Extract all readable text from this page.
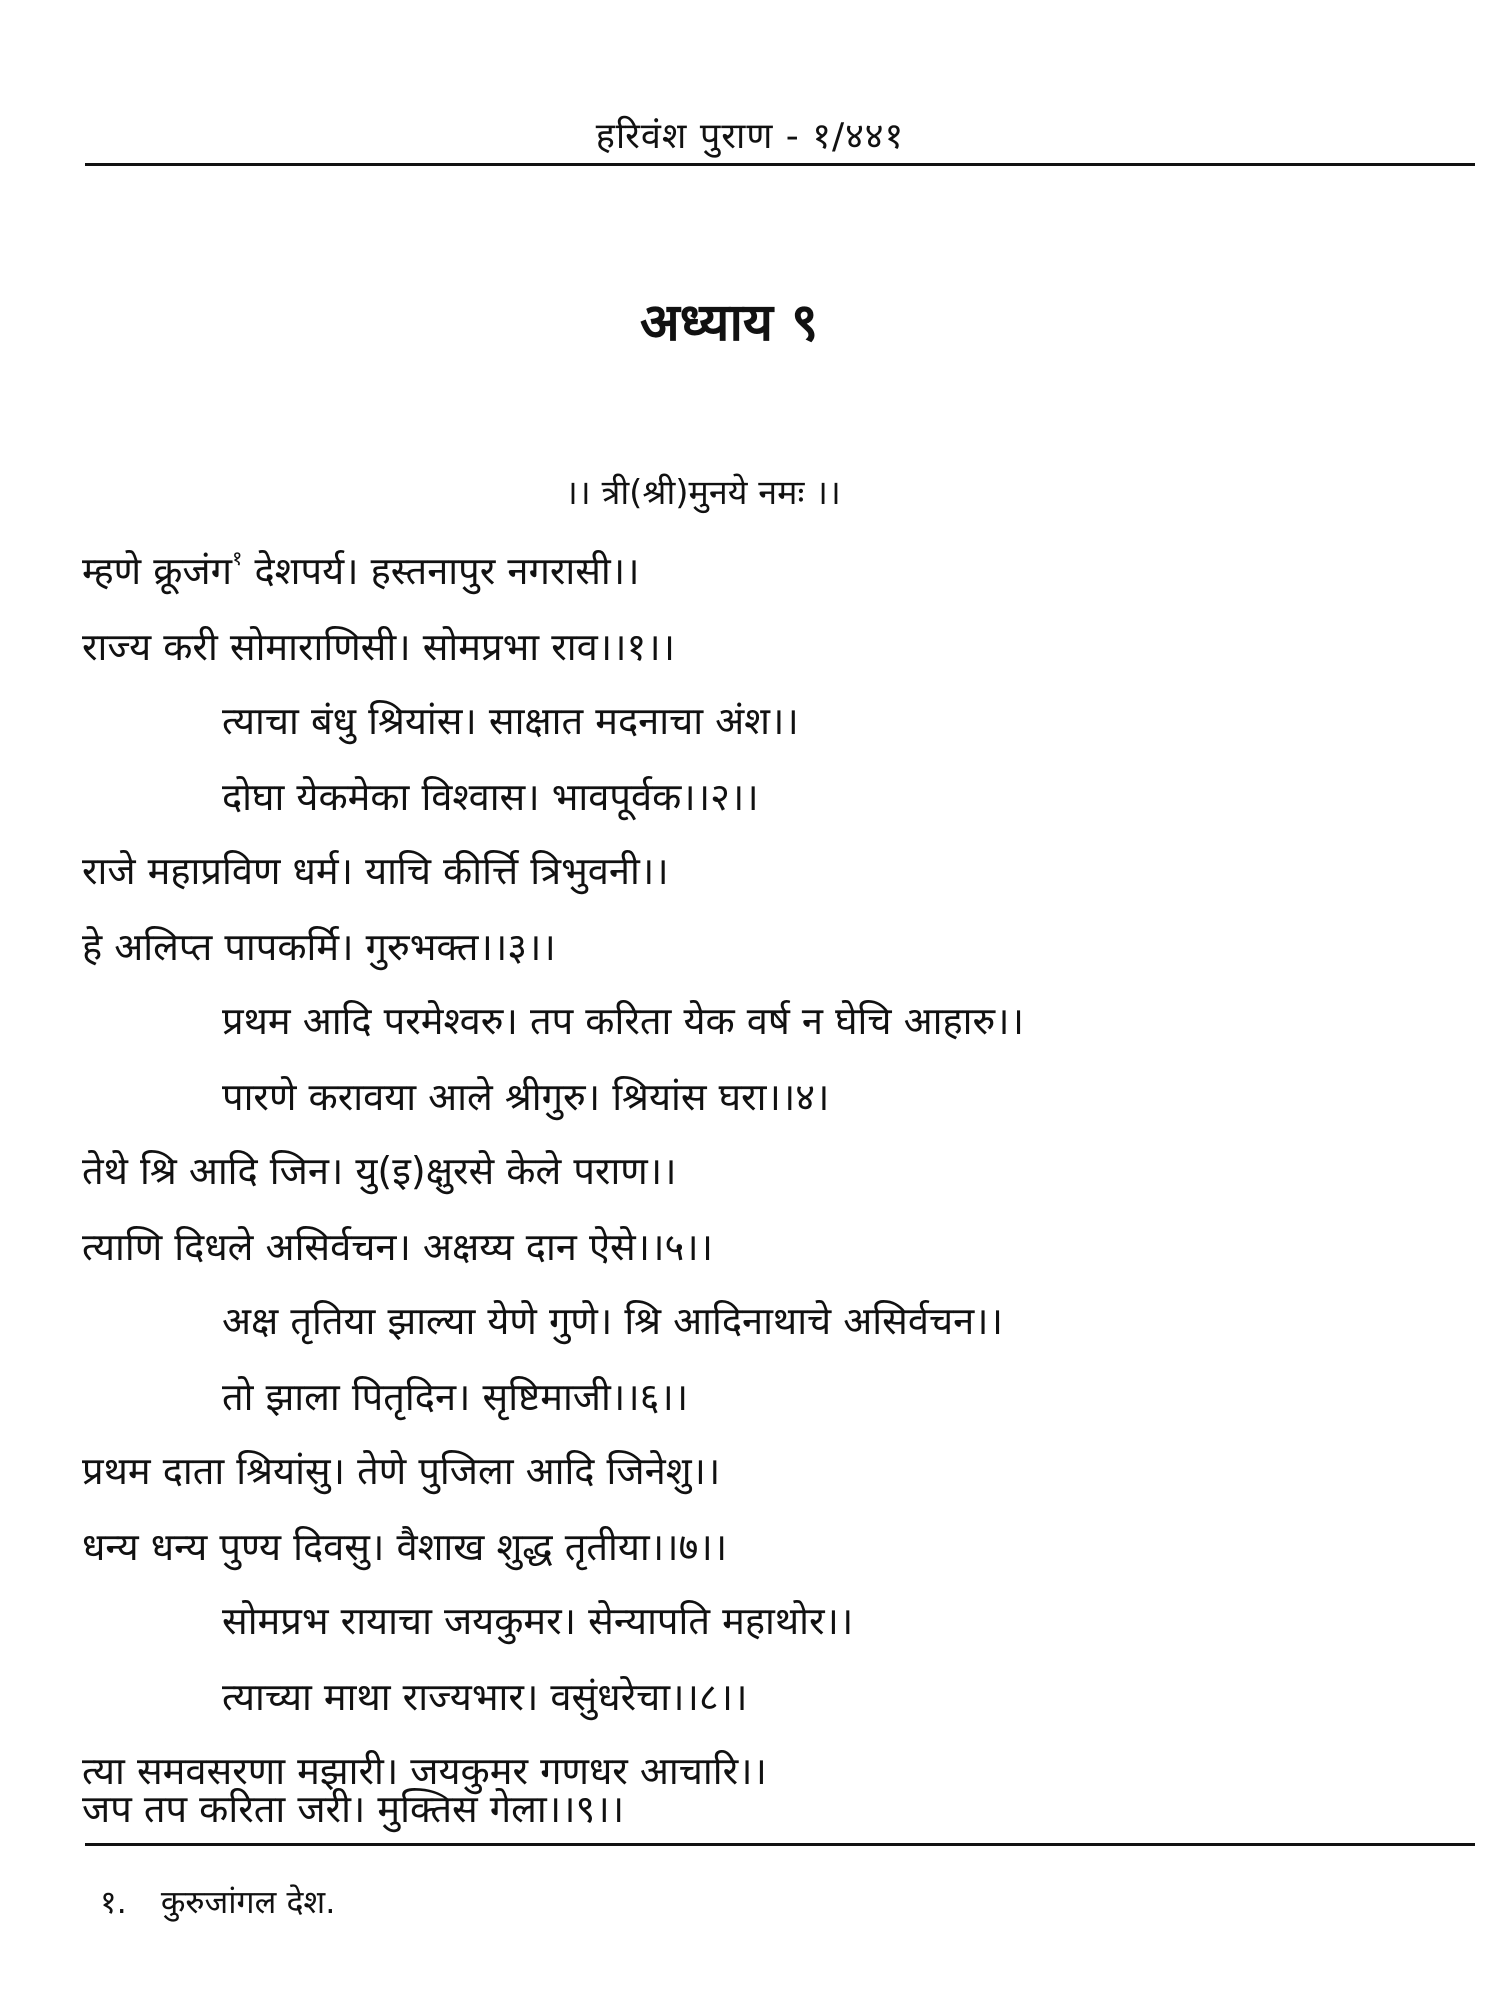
हरिवंश पुराण - १/४४१
अध्याय ९
।। त्री(श्री)मुनये नमः ।।
म्हणे क्रूजंग$^१$ देशपर्य। हस्तनापुर नगरासी।।
राज्य करी सोमाराणिसी। सोमप्रभा राव।।१।।
त्याचा बंधु श्रियांस। साक्षात मदनाचा अंश।।
दोघा येकमेका विश्वास। भावपूर्वक।।२।।
राजे महाप्रविण धर्म। याचि कीर्त्ति त्रिभुवनी।।
हे अलिप्त पापकर्मि। गुरुभक्त।।३।।
प्रथम आदि परमेश्वरु। तप करिता येक वर्ष न घेचि आहारु।।
पारणे करावया आले श्रीगुरु। श्रियांस घरा।।४।
तेथे श्रि आदि जिन। यु(इ)क्षुरसे केले पराण।।
त्याणि दिधले असिर्वचन। अक्षय्य दान ऐसे।।५।।
अक्ष तृतिया झाल्या येणे गुणे। श्रि आदिनाथाचे असिर्वचन।।
तो झाला पितृदिन। सृष्टिमाजी।।६।।
प्रथम दाता श्रियांसु। तेणे पुजिला आदि जिनेशु।।
धन्य धन्य पुण्य दिवसु। वैशाख शुद्ध तृतीया।।७।।
सोमप्रभ रायाचा जयकुमर। सेन्यापति महाथोर।।
त्याच्या माथा राज्यभार। वसुंधरेचा।।८।।
त्या समवसरणा मझारी। जयकुमर गणधर आचारि।।
जप तप करिता जरी। मुक्तिस गेला।।९।।
१. कुरुजांगल देश.
